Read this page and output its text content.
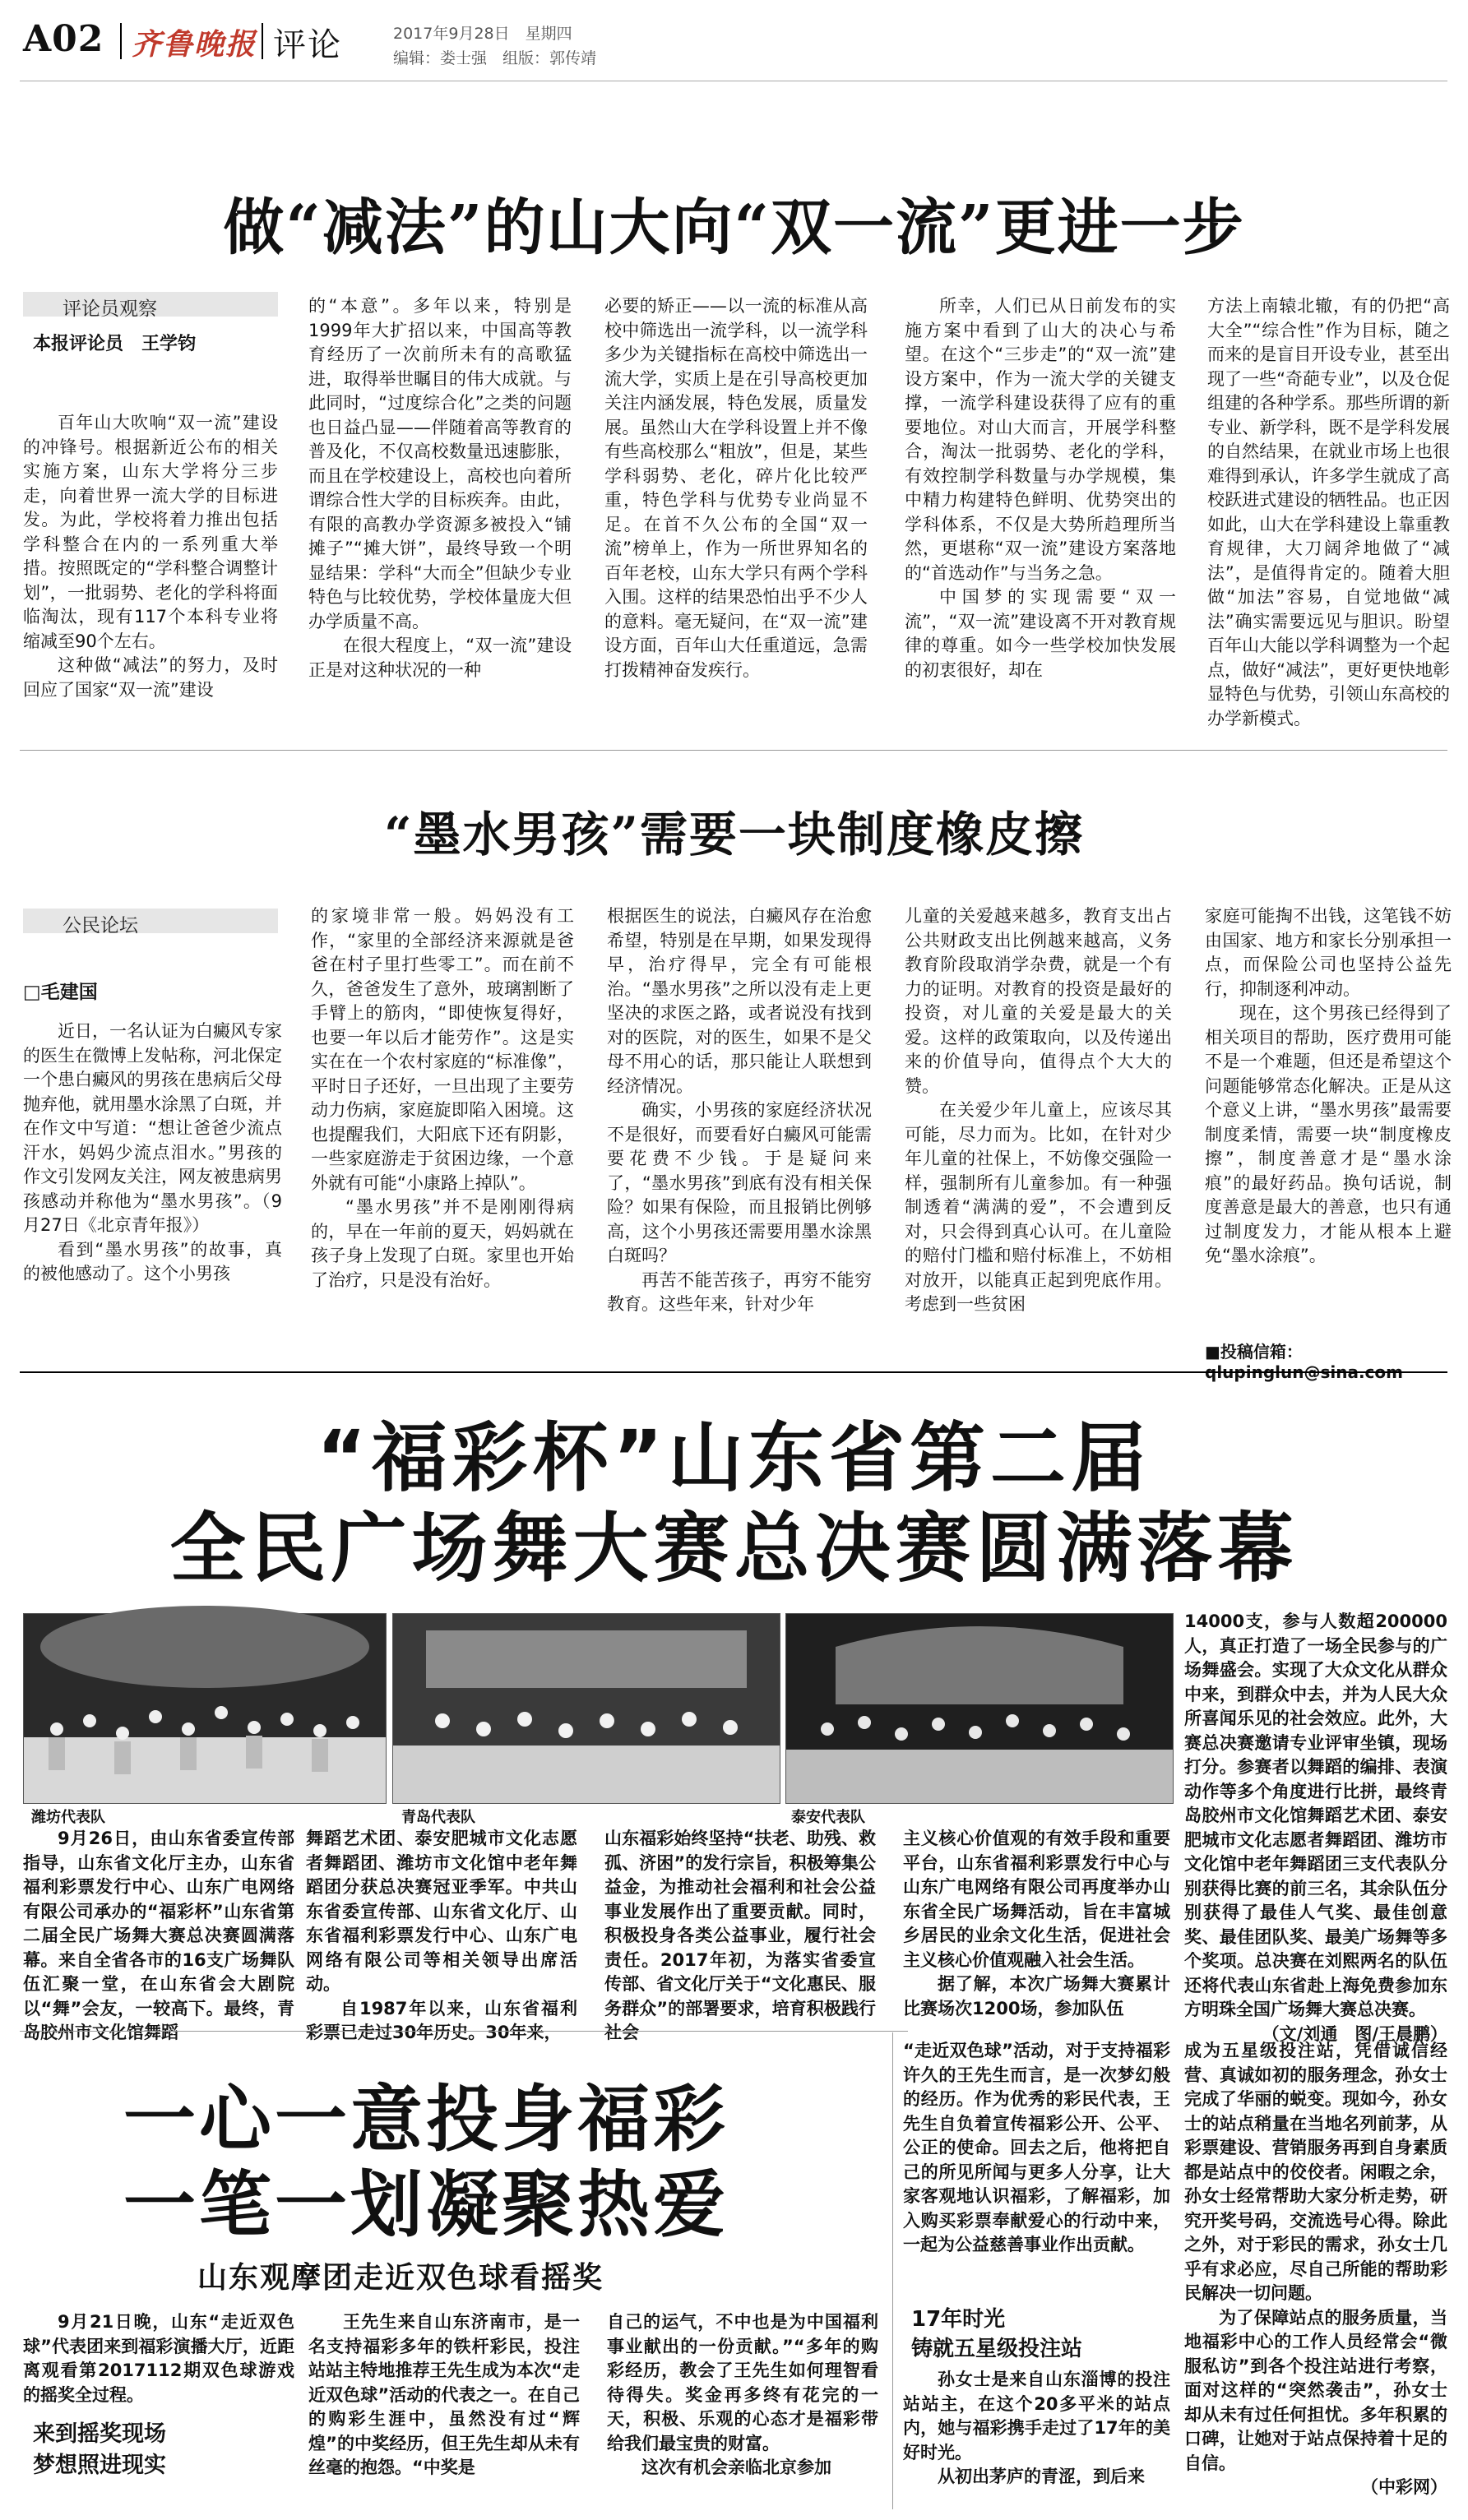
A02 齐鲁晚报 评论	2017年9月28日　星期四
编辑：娄士强　组版：郭传靖
做“减法”的山大向“双一流”更进一步
评论员观察
本报评论员　王学钧

百年山大吹响“双一流”建设的冲锋号。根据新近公布的相关实施方案，山东大学将分三步走，向着世界一流大学的目标进发。为此，学校将着力推出包括学科整合在内的一系列重大举措。按照既定的“学科整合调整计划”，一批弱势、老化的学科将面临淘汰，现有117个本科专业将缩减至90个左右。

这种做“减法”的努力，及时回应了国家“双一流”建设

的“本意”。多年以来，特别是1999年大扩招以来，中国高等教育经历了一次前所未有的高歌猛进，取得举世瞩目的伟大成就。与此同时，“过度综合化”之类的问题也日益凸显——伴随着高等教育的普及化，不仅高校数量迅速膨胀，而且在学校建设上，高校也向着所谓综合性大学的目标疾奔。由此，有限的高教办学资源多被投入“铺摊子”“摊大饼”，最终导致一个明显结果：学科“大而全”但缺少专业特色与比较优势，学校体量庞大但办学质量不高。

在很大程度上，“双一流”建设正是对这种状况的一种

必要的矫正——以一流的标准从高校中筛选出一流学科，以一流学科多少为关键指标在高校中筛选出一流大学，实质上是在引导高校更加关注内涵发展，特色发展，质量发展。虽然山大在学科设置上并不像有些高校那么“粗放”，但是，某些学科弱势、老化，碎片化比较严重，特色学科与优势专业尚显不足。在首不久公布的全国“双一流”榜单上，作为一所世界知名的百年老校，山东大学只有两个学科入围。这样的结果恐怕出乎不少人的意料。毫无疑问，在“双一流”建设方面，百年山大任重道远，急需打拨精神奋发疾行。

所幸，人们已从日前发布的实施方案中看到了山大的决心与希望。在这个“三步走”的“双一流”建设方案中，作为一流大学的关键支撑，一流学科建设获得了应有的重要地位。对山大而言，开展学科整合，淘汰一批弱势、老化的学科，有效控制学科数量与办学规模，集中精力构建特色鲜明、优势突出的学科体系，不仅是大势所趋理所当然，更堪称“双一流”建设方案落地的“首选动作”与当务之急。

中国梦的实现需要“双一流”，“双一流”建设离不开对教育规律的尊重。如今一些学校加快发展的初衷很好，却在

方法上南辕北辙，有的仍把“高大全”“综合性”作为目标，随之而来的是盲目开设专业，甚至出现了一些“奇葩专业”，以及仓促组建的各种学系。那些所谓的新专业、新学科，既不是学科发展的自然结果，在就业市场上也很难得到承认，许多学生就成了高校跃进式建设的牺牲品。也正因如此，山大在学科建设上靠重教育规律，大刀阔斧地做了“减法”，是值得肯定的。随着大胆做“加法”容易，自觉地做“减法”确实需要远见与胆识。盼望百年山大能以学科调整为一个起点，做好“减法”，更好更快地彰显特色与优势，引领山东高校的办学新模式。

“墨水男孩”需要一块制度橡皮擦
公民论坛
□毛建国

近日，一名认证为白癜风专家的医生在微博上发帖称，河北保定一个患白癜风的男孩在患病后父母抛弃他，就用墨水涂黑了白斑，并在作文中写道：“想让爸爸少流点汗水，妈妈少流点泪水。”男孩的作文引发网友关注，网友被患病男孩感动并称他为“墨水男孩”。（9月27日《北京青年报》）

看到“墨水男孩”的故事，真的被他感动了。这个小男孩

的家境非常一般。妈妈没有工作，“家里的全部经济来源就是爸爸在村子里打些零工”。而在前不久，爸爸发生了意外，玻璃割断了手臂上的筋肉，“即使恢复得好，也要一年以后才能劳作”。这是实实在在一个农村家庭的“标准像”，平时日子还好，一旦出现了主要劳动力伤病，家庭旋即陷入困境。这也提醒我们，大阳底下还有阴影，一些家庭游走于贫困边缘，一个意外就有可能“小康路上掉队”。

“墨水男孩”并不是刚刚得病的，早在一年前的夏天，妈妈就在孩子身上发现了白斑。家里也开始了治疗，只是没有治好。

根据医生的说法，白癜风存在治愈希望，特别是在早期，如果发现得早，治疗得早，完全有可能根治。“墨水男孩”之所以没有走上更坚决的求医之路，或者说没有找到对的医院，对的医生，如果不是父母不用心的话，那只能让人联想到经济情况。

确实，小男孩的家庭经济状况不是很好，而要看好白癜风可能需要花费不少钱。于是疑问来了，“墨水男孩”到底有没有相关保险？如果有保险，而且报销比例够高，这个小男孩还需要用墨水涂黑白斑吗？

再苦不能苦孩子，再穷不能穷教育。这些年来，针对少年

儿童的关爱越来越多，教育支出占公共财政支出比例越来越高，义务教育阶段取消学杂费，就是一个有力的证明。对教育的投资是最好的投资，对儿童的关爱是最大的关爱。这样的政策取向，以及传递出来的价值导向，值得点个大大的赞。

在关爱少年儿童上，应该尽其可能，尽力而为。比如，在针对少年儿童的社保上，不妨像交强险一样，强制所有儿童参加。有一种强制透着“满满的爱”，不会遭到反对，只会得到真心认可。在儿童险的赔付门槛和赔付标准上，不妨相对放开，以能真正起到兜底作用。考虑到一些贫困

家庭可能掏不出钱，这笔钱不妨由国家、地方和家长分别承担一点，而保险公司也坚持公益先行，抑制逐利冲动。

现在，这个男孩已经得到了相关项目的帮助，医疗费用可能不是一个难题，但还是希望这个问题能够常态化解决。正是从这个意义上讲，“墨水男孩”最需要制度柔情，需要一块“制度橡皮擦”，制度善意才是“墨水涂痕”的最好药品。换句话说，制度善意是最大的善意，也只有通过制度发力，才能从根本上避免“墨水涂痕”。

■投稿信箱：qlupinglun@sina.com
“福彩杯”山东省第二届
全民广场舞大赛总决赛圆满落幕
潍坊代表队	青岛代表队	泰安代表队

9月26日，由山东省委宣传部指导，山东省文化厅主办，山东省福利彩票发行中心、山东广电网络有限公司承办的“福彩杯”山东省第二届全民广场舞大赛总决赛圆满落幕。来自全省各市的16支广场舞队伍汇聚一堂，在山东省会大剧院以“舞”会友，一较高下。最终，青岛胶州市文化馆舞蹈

舞蹈艺术团、泰安肥城市文化志愿者舞蹈团、潍坊市文化馆中老年舞蹈团分获总决赛冠亚季军。中共山东省委宣传部、山东省文化厅、山东省福利彩票发行中心、山东广电网络有限公司等相关领导出席活动。

自1987年以来，山东省福利彩票已走过30年历史。30年来，

山东福彩始终坚持“扶老、助残、救孤、济困”的发行宗旨，积极筹集公益金，为推动社会福利和社会公益事业发展作出了重要贡献。同时，积极投身各类公益事业，履行社会责任。2017年初，为落实省委宣传部、省文化厅关于“文化惠民、服务群众”的部署要求，培育积极践行社会

主义核心价值观的有效手段和重要平台，山东省福利彩票发行中心与山东广电网络有限公司再度举办山东省全民广场舞活动，旨在丰富城乡居民的业余文化生活，促进社会主义核心价值观融入社会生活。

据了解，本次广场舞大赛累计比赛场次1200场，参加队伍

14000支，参与人数超200000人，真正打造了一场全民参与的广场舞盛会。实现了大众文化从群众中来，到群众中去，并为人民大众所喜闻乐见的社会效应。此外，大赛总决赛邀请专业评审坐镇，现场打分。参赛者以舞蹈的编排、表演动作等多个角度进行比拼，最终青岛胶州市文化馆舞蹈艺术团、泰安肥城市文化志愿者舞蹈团、潍坊市文化馆中老年舞蹈团三支代表队分别获得比赛的前三名，其余队伍分别获得了最佳人气奖、最佳创意奖、最佳团队奖、最美广场舞等多个奖项。总决赛在刘熙两名的队伍还将代表山东省赴上海免费参加东方明珠全国广场舞大赛总决赛。

（文/刘通　图/王晨鹏）

一心一意投身福彩
一笔一划凝聚热爱
山东观摩团走近双色球看摇奖

9月21日晚，山东“走近双色球”代表团来到福彩演播大厅，近距离观看第2017112期双色球游戏的摇奖全过程。

来到摇奖现场
梦想照进现实

王先生来自山东济南市，是一名支持福彩多年的铁杆彩民，投注站站主特地推荐王先生成为本次“走近双色球”活动的代表之一。在自己的购彩生涯中，虽然没有过“辉煌”的中奖经历，但王先生却从未有丝毫的抱怨。“中奖是

自己的运气，不中也是为中国福利事业献出的一份贡献。”“多年的购彩经历，教会了王先生如何理智看待得失。奖金再多终有花完的一天，积极、乐观的心态才是福彩带给我们最宝贵的财富。

这次有机会亲临北京参加

“走近双色球”活动，对于支持福彩许久的王先生而言，是一次梦幻般的经历。作为优秀的彩民代表，王先生自负着宣传福彩公开、公平、公正的使命。回去之后，他将把自己的所见所闻与更多人分享，让大家客观地认识福彩，了解福彩，加入购买彩票奉献爱心的行动中来，一起为公益慈善事业作出贡献。

17年时光
铸就五星级投注站

孙女士是来自山东淄博的投注站站主，在这个20多平米的站点内，她与福彩携手走过了17年的美好时光。

从初出茅庐的青涩，到后来

成为五星级投注站，凭借诚信经营、真诚如初的服务理念，孙女士完成了华丽的蜕变。现如今，孙女士的站点稍量在当地名列前茅，从彩票建设、营销服务再到自身素质都是站点中的佼佼者。闲暇之余，孙女士经常帮助大家分析走势，研究开奖号码，交流选号心得。除此之外，对于彩民的需求，孙女士几乎有求必应，尽自己所能的帮助彩民解决一切问题。

为了保障站点的服务质量，当地福彩中心的工作人员经常会“微服私访”到各个投注站进行考察，面对这样的“突然袭击”，孙女士却从未有过任何担忧。多年积累的口碑，让她对于站点保持着十足的自信。

（中彩网）
